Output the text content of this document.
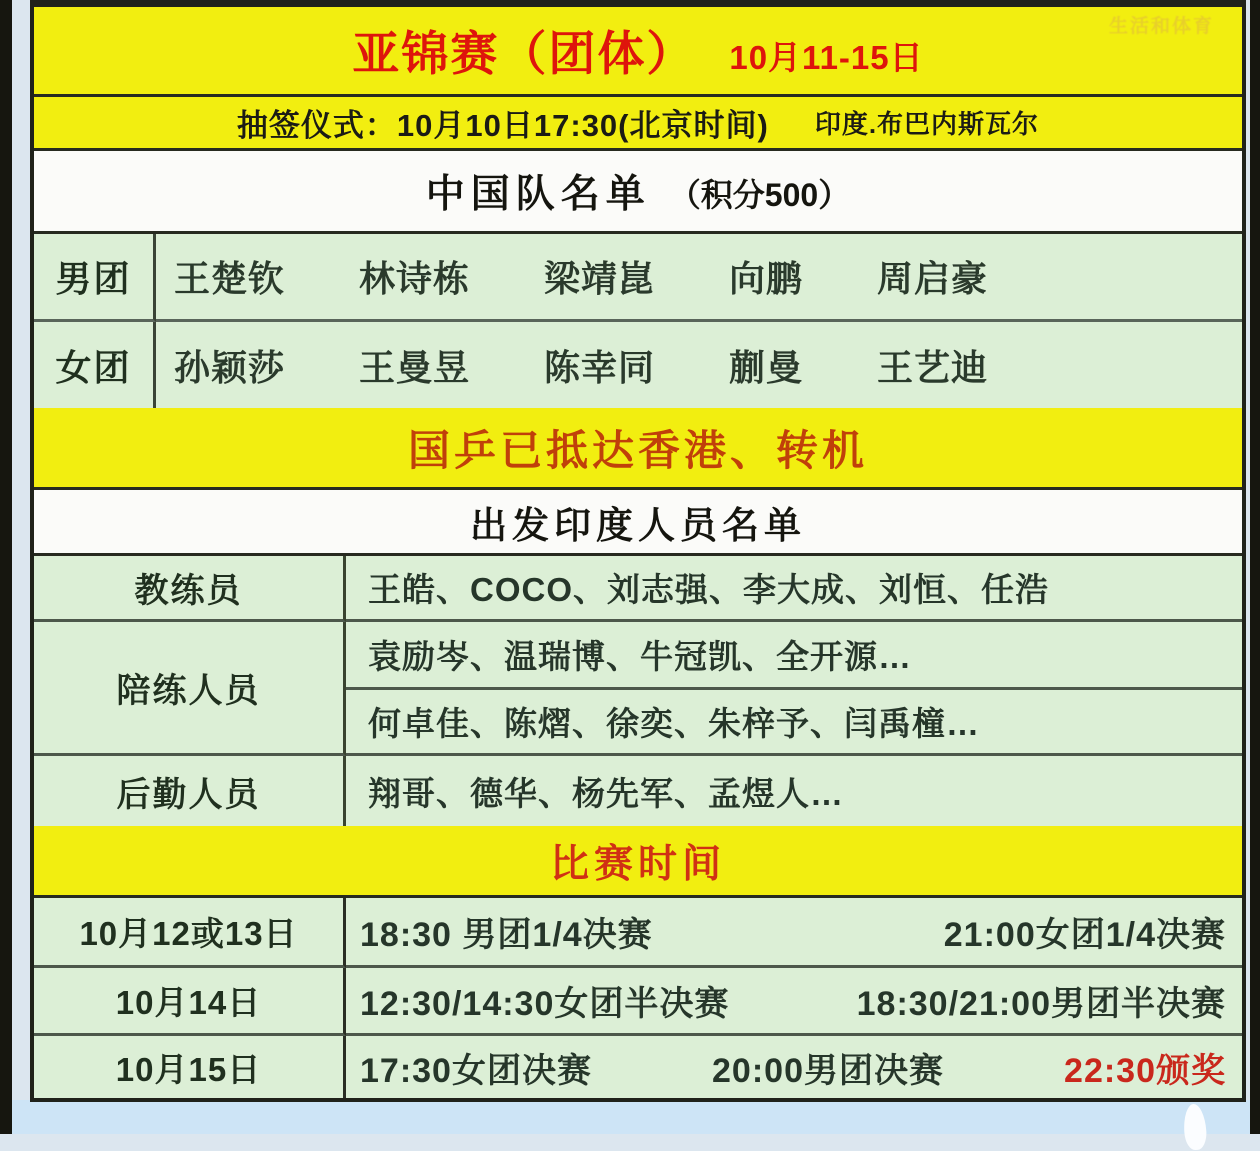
亚锦赛（团体） 10月11-15日
生活和体育
抽签仪式：10月10日17:30(北京时间) 印度.布巴内斯瓦尔
中国队名单 （积分500）
男团	王楚钦　　林诗栋　　梁靖崑　　向鹏　　周启豪
女团	孙颖莎　　王曼昱　　陈幸同　　蒯曼　　王艺迪
国乒已抵达香港、转机
出发印度人员名单
教练员	王皓、COCO、刘志强、李大成、刘恒、任浩
陪练人员
袁励岑、温瑞博、牛冠凯、全开源…
何卓佳、陈熠、徐奕、朱梓予、闫禹橦…
后勤人员	翔哥、德华、杨先军、孟煜人…
比赛时间
10月12或13日	18:30 男团1/4决赛	21:00女团1/4决赛
10月14日	12:30/14:30女团半决赛	18:30/21:00男团半决赛
10月15日	17:30女团决赛	20:00男团决赛	22:30颁奖
